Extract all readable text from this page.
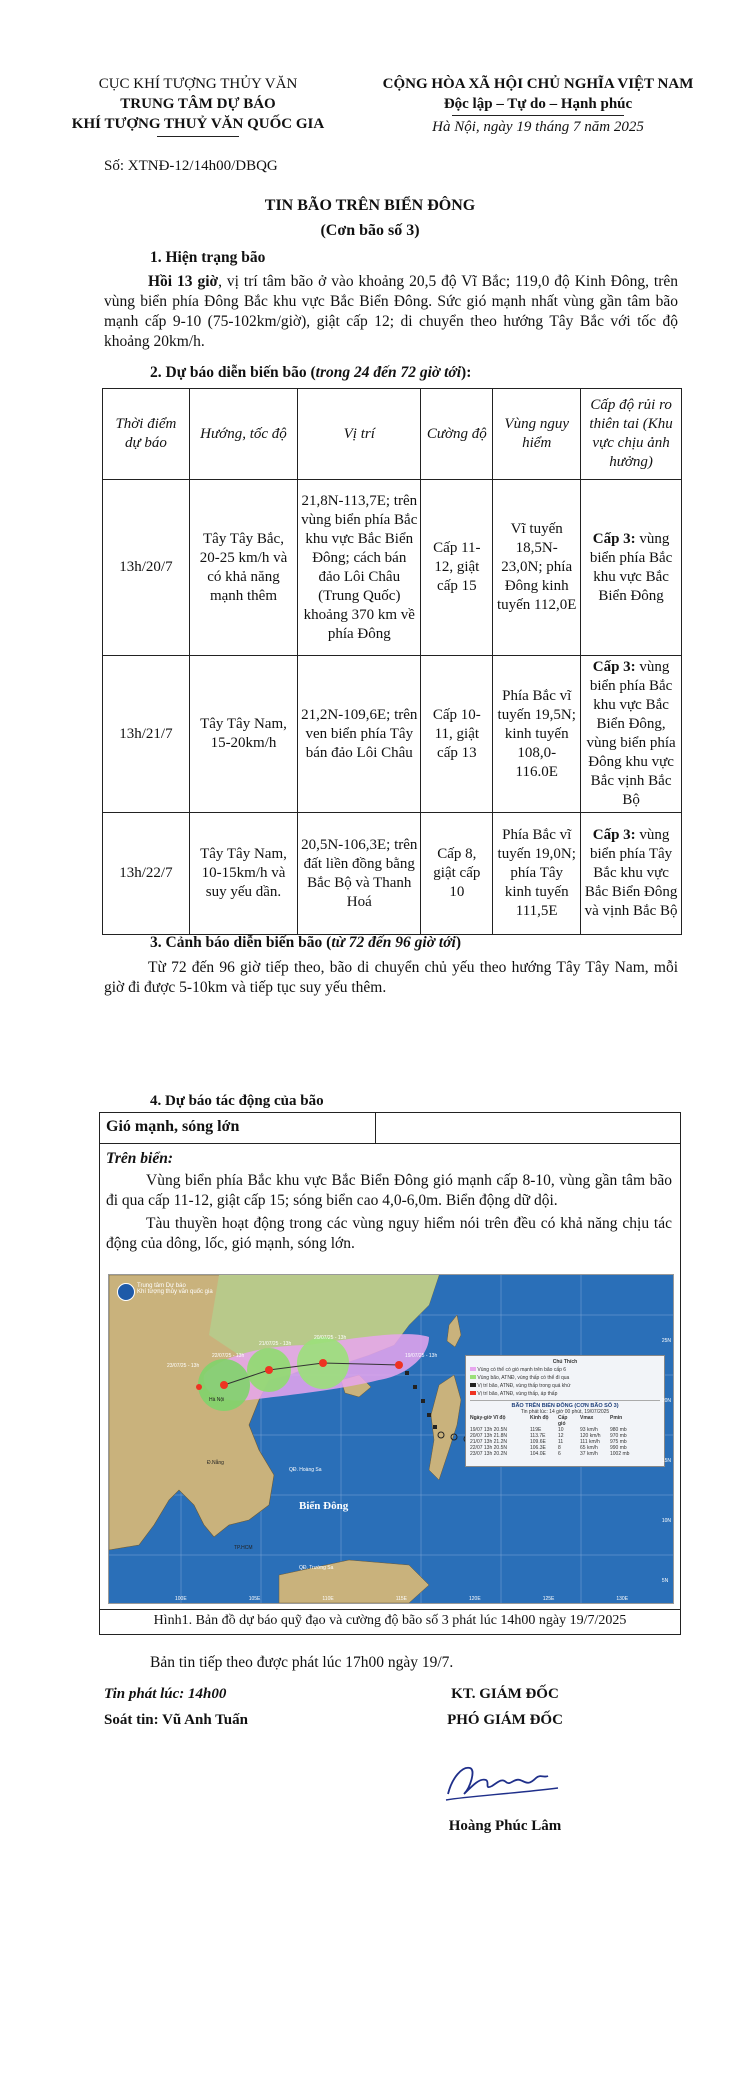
CỤC KHÍ TƯỢNG THỦY VĂN
TRUNG TÂM DỰ BÁO
KHÍ TƯỢNG THUỶ VĂN QUỐC GIA
Số: XTNĐ-12/14h00/DBQG
CỘNG HÒA XÃ HỘI CHỦ NGHĨA VIỆT NAM
Độc lập – Tự do – Hạnh phúc
Hà Nội, ngày 19 tháng 7 năm 2025
TIN BÃO TRÊN BIỂN ĐÔNG
(Cơn bão số 3)
1. Hiện trạng bão
Hồi 13 giờ, vị trí tâm bão ở vào khoảng 20,5 độ Vĩ Bắc; 119,0 độ Kinh Đông, trên vùng biển phía Đông Bắc khu vực Bắc Biển Đông. Sức gió mạnh nhất vùng gần tâm bão mạnh cấp 9-10 (75-102km/giờ), giật cấp 12; di chuyển theo hướng Tây Bắc với tốc độ khoảng 20km/h.
2. Dự báo diễn biến bão (trong 24 đến 72 giờ tới):
Thời điểm dự báo	Hướng, tốc độ	Vị trí	Cường độ	Vùng nguy hiểm	Cấp độ rủi ro thiên tai (Khu vực chịu ảnh hưởng)
13h/20/7	Tây Tây Bắc, 20-25 km/h và có khả năng mạnh thêm	21,8N-113,7E; trên vùng biển phía Bắc khu vực Bắc Biển Đông; cách bán đảo Lôi Châu (Trung Quốc) khoảng 370 km về phía Đông	Cấp 11-12, giật cấp 15	Vĩ tuyến 18,5N-23,0N; phía Đông kinh tuyến 112,0E	Cấp 3: vùng biển phía Bắc khu vực Bắc Biển Đông
13h/21/7	Tây Tây Nam, 15-20km/h	21,2N-109,6E; trên ven biển phía Tây bán đảo Lôi Châu	Cấp 10-11, giật cấp 13	Phía Bắc vĩ tuyến 19,5N; kinh tuyến 108,0-116.0E	Cấp 3: vùng biển phía Bắc khu vực Bắc Biển Đông, vùng biển phía Đông khu vực Bắc vịnh Bắc Bộ
13h/22/7	Tây Tây Nam, 10-15km/h và suy yếu dần.	20,5N-106,3E; trên đất liền đồng bằng Bắc Bộ và Thanh Hoá	Cấp 8, giật cấp 10	Phía Bắc vĩ tuyến 19,0N; phía Tây kinh tuyến 111,5E	Cấp 3: vùng biển phía Tây Bắc khu vực Bắc Biển Đông và vịnh Bắc Bộ
3. Cảnh báo diễn biến bão (từ 72 đến 96 giờ tới)
Từ 72 đến 96 giờ tiếp theo, bão di chuyển chủ yếu theo hướng Tây Tây Nam, mỗi giờ đi được 5-10km và tiếp tục suy yếu thêm.
4. Dự báo tác động của bão
Gió mạnh, sóng lớn
Trên biển:
Vùng biển phía Bắc khu vực Bắc Biển Đông gió mạnh cấp 8-10, vùng gần tâm bão đi qua cấp 11-12, giật cấp 15; sóng biển cao 4,0-6,0m. Biển động dữ dội.
Tàu thuyền hoạt động trong các vùng nguy hiểm nói trên đều có khả năng chịu tác động của dông, lốc, gió mạnh, sóng lớn.
Trung tâm Dự báo
Khí tượng thủy văn quốc gia
Hà Nội
Đ.Nẵng
QĐ. Hoàng Sa
Biển Đông
TP.HCM
QĐ. Trường Sa
19/07/25 - 13h
20/07/25 - 13h
21/07/25 - 13h
22/07/25 - 13h
23/07/25 - 13h
Chú Thích
Vùng có thể có gió mạnh trên bão cấp 6
Vùng bão, ATNĐ, vùng thấp có thể đi qua
Vị trí bão, ATNĐ, vùng thấp trong quá khứ
Vị trí bão, ATNĐ, vùng thấp, áp thấp
BÃO TRÊN BIỂN ĐÔNG (CƠN BÃO SỐ 3)
Tin phát lúc: 14 giờ 00 phút, 19/07/2025
Ngày-giờ Vĩ độ	Kinh độ	Cấp gió
Vmax	Pmin
19/07 13h 20.5N	119E	10	93 km/h	980 mb
20/07 13h 21.8N	113.7E	12	120 km/h	970 mb
21/07 13h 21.2N	109.6E	11	111 km/h	975 mb
22/07 13h 20.5N	106.3E	8	65 km/h	990 mb
23/07 13h 20.2N	104.0E	6	37 km/h	1002 mb
25N
20N
15N
10N
5N
100E	105E	110E	115E	120E	125E	130E
Hình1. Bản đồ dự báo quỹ đạo và cường độ bão số 3 phát lúc 14h00 ngày 19/7/2025
Bản tin tiếp theo được phát lúc 17h00 ngày 19/7.
Tin phát lúc: 14h00
Soát tin: Vũ Anh Tuấn
KT. GIÁM ĐỐC
PHÓ GIÁM ĐỐC
Hoàng Phúc Lâm
